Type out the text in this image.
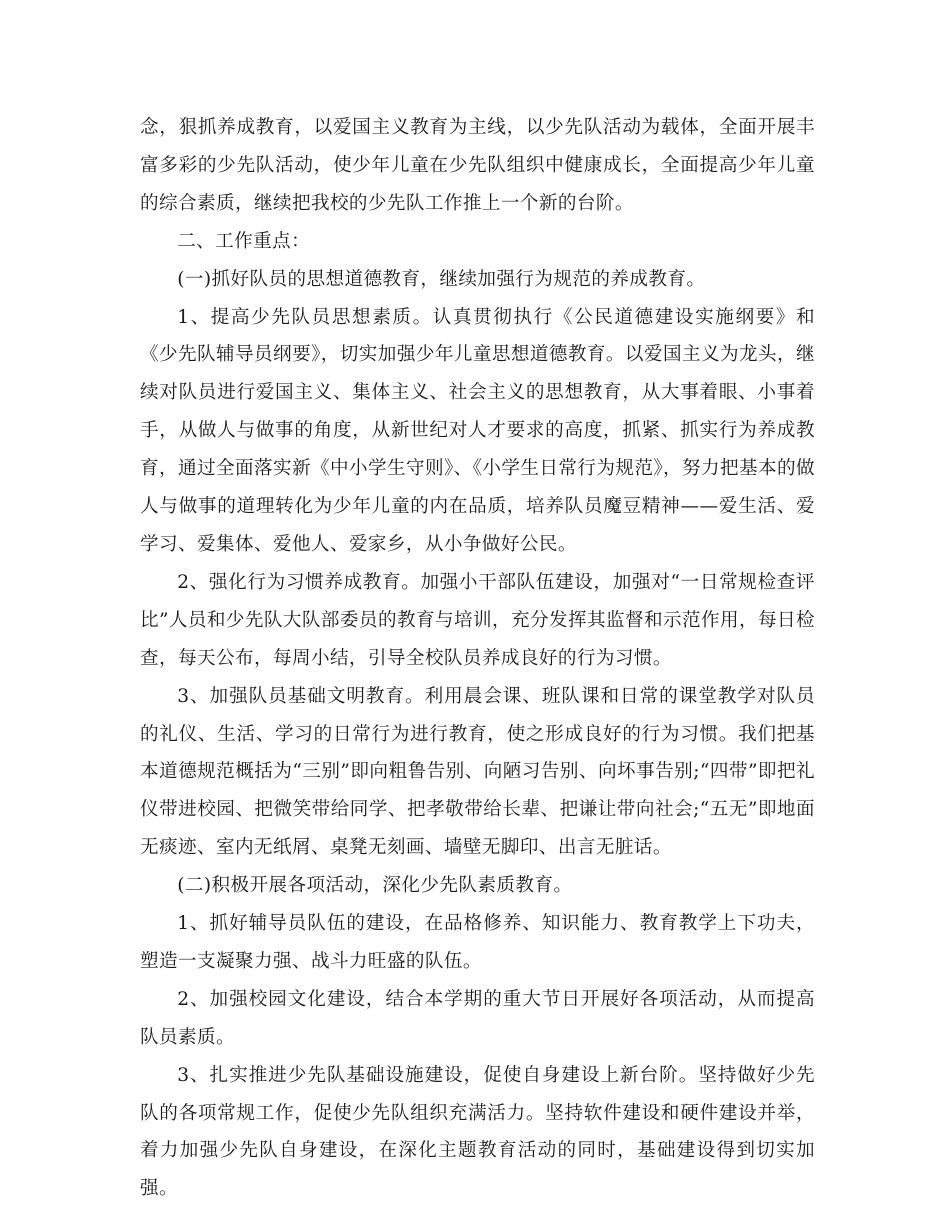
念，狠抓养成教育，以爱国主义教育为主线，以少先队活动为载体，全面开展丰富多彩的少先队活动，使少年儿童在少先队组织中健康成长，全面提高少年儿童的综合素质，继续把我校的少先队工作推上一个新的台阶。

二、工作重点：

(一)抓好队员的思想道德教育，继续加强行为规范的养成教育。

1、提高少先队员思想素质。认真贯彻执行《公民道德建设实施纲要》和《少先队辅导员纲要》，切实加强少年儿童思想道德教育。以爱国主义为龙头，继续对队员进行爱国主义、集体主义、社会主义的思想教育，从大事着眼、小事着手，从做人与做事的角度，从新世纪对人才要求的高度，抓紧、抓实行为养成教育，通过全面落实新《中小学生守则》、《小学生日常行为规范》，努力把基本的做人与做事的道理转化为少年儿童的内在品质，培养队员魔豆精神——爱生活、爱学习、爱集体、爱他人、爱家乡，从小争做好公民。

2、强化行为习惯养成教育。加强小干部队伍建设，加强对“一日常规检查评比”人员和少先队大队部委员的教育与培训，充分发挥其监督和示范作用，每日检查，每天公布，每周小结，引导全校队员养成良好的行为习惯。

3、加强队员基础文明教育。利用晨会课、班队课和日常的课堂教学对队员的礼仪、生活、学习的日常行为进行教育，使之形成良好的行为习惯。我们把基本道德规范概括为“三别”即向粗鲁告别、向陋习告别、向坏事告别;“四带”即把礼仪带进校园、把微笑带给同学、把孝敬带给长辈、把谦让带向社会;“五无”即地面无痰迹、室内无纸屑、桌凳无刻画、墙壁无脚印、出言无脏话。

(二)积极开展各项活动，深化少先队素质教育。

1、抓好辅导员队伍的建设，在品格修养、知识能力、教育教学上下功夫，塑造一支凝聚力强、战斗力旺盛的队伍。

2、加强校园文化建设，结合本学期的重大节日开展好各项活动，从而提高队员素质。

3、扎实推进少先队基础设施建设，促使自身建设上新台阶。坚持做好少先队的各项常规工作，促使少先队组织充满活力。坚持软件建设和硬件建设并举，着力加强少先队自身建设，在深化主题教育活动的同时，基础建设得到切实加强。
